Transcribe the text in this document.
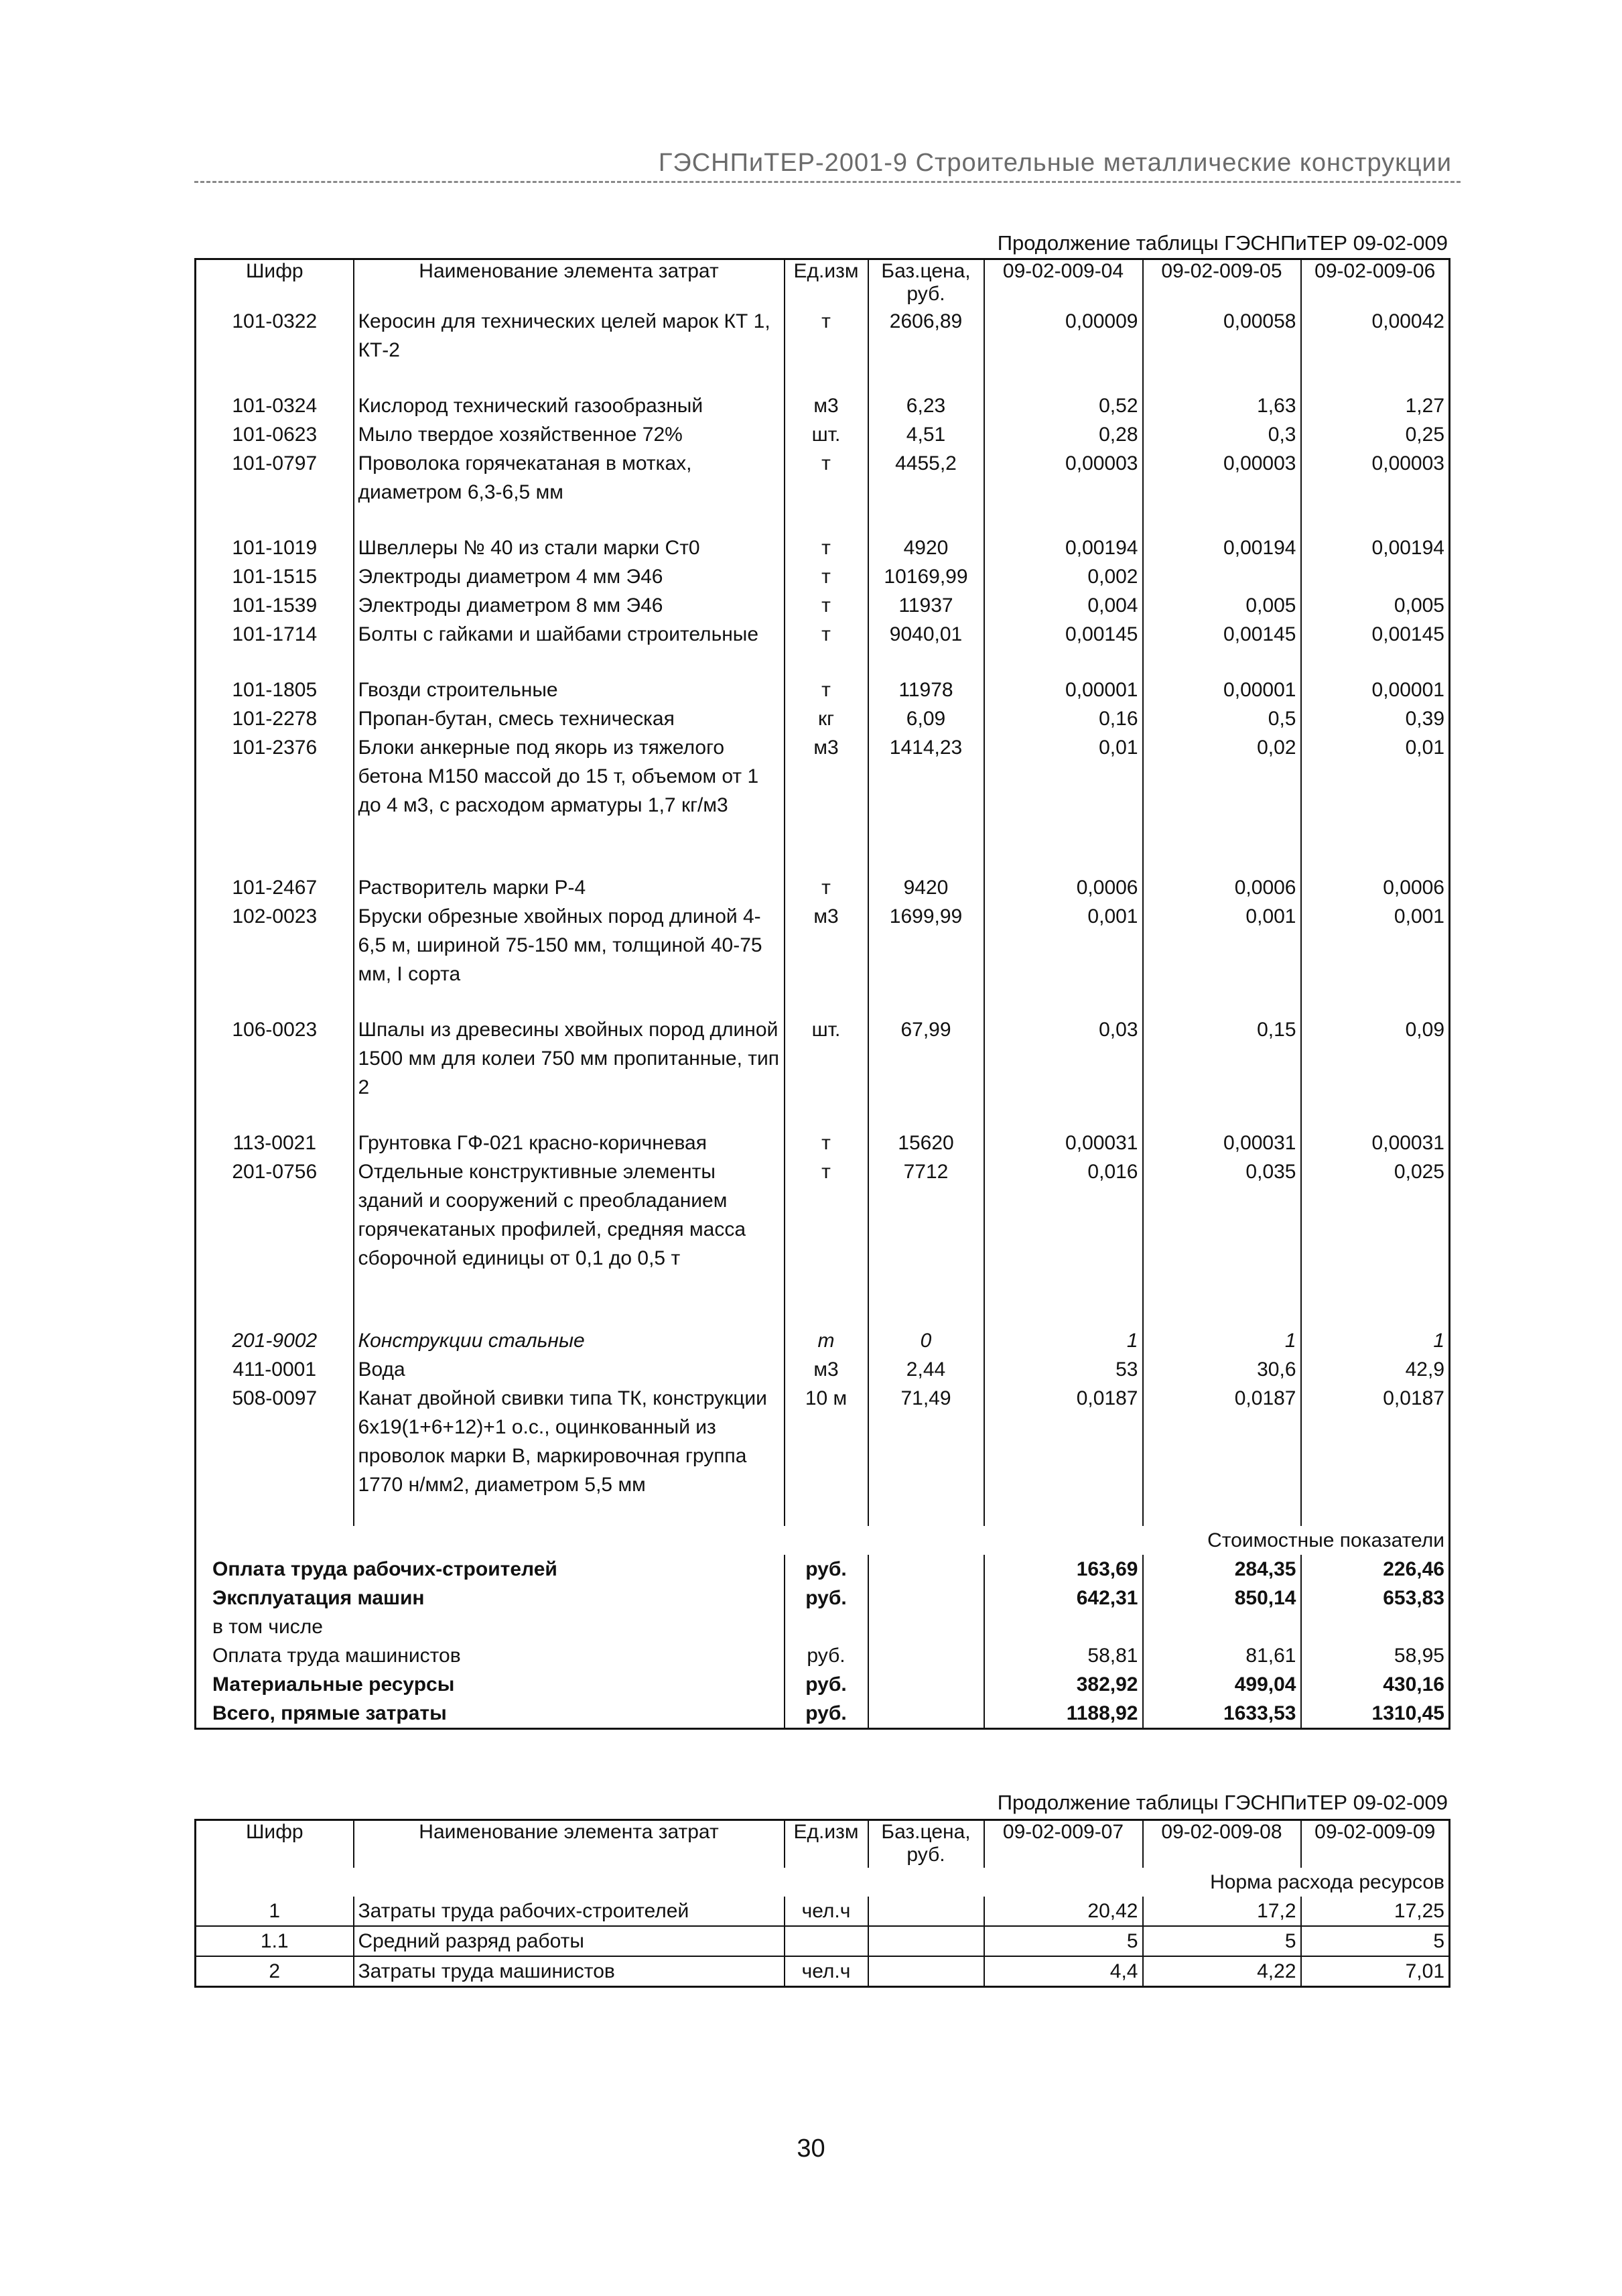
ГЭСНПиТЕР-2001-9 Строительные металлические конструкции
Продолжение таблицы ГЭСНПиТЕР 09-02-009
Шифр	Наименование элемента затрат	Ед.изм	Баз.цена, руб.	09-02-009-04	09-02-009-05	09-02-009-06
101-0322	Керосин для технических целей марок КТ 1, КТ-2	т	2606,89	0,00009	0,00058	0,00042

101-0324	Кислород технический газообразный	м3	6,23	0,52	1,63	1,27
101-0623	Мыло твердое хозяйственное 72%	шт.	4,51	0,28	0,3	0,25
101-0797	Проволока горячекатаная в мотках, диаметром 6,3-6,5 мм	т	4455,2	0,00003	0,00003	0,00003

101-1019	Швеллеры № 40 из стали марки Ст0	т	4920	0,00194	0,00194	0,00194
101-1515	Электроды диаметром 4 мм Э46	т	10169,99	0,002		
101-1539	Электроды диаметром 8 мм Э46	т	11937	0,004	0,005	0,005
101-1714	Болты с гайками и шайбами строительные	т	9040,01	0,00145	0,00145	0,00145

101-1805	Гвозди строительные	т	11978	0,00001	0,00001	0,00001
101-2278	Пропан-бутан, смесь техническая	кг	6,09	0,16	0,5	0,39
101-2376	Блоки анкерные под якорь из тяжелого бетона М150 массой до 15 т, объемом от 1 до 4 м3, с расходом арматуры 1,7 кг/м3	м3	1414,23	0,01	0,02	0,01

101-2467	Растворитель марки Р-4	т	9420	0,0006	0,0006	0,0006
102-0023	Бруски обрезные хвойных пород длиной 4-6,5 м, шириной 75-150 мм, толщиной 40-75 мм, I сорта	м3	1699,99	0,001	0,001	0,001

106-0023	Шпалы из древесины хвойных пород длиной 1500 мм для колеи 750 мм пропитанные, тип 2	шт.	67,99	0,03	0,15	0,09

113-0021	Грунтовка ГФ-021 красно-коричневая	т	15620	0,00031	0,00031	0,00031
201-0756	Отдельные конструктивные элементы зданий и сооружений с преобладанием горячекатаных профилей, средняя масса сборочной единицы от 0,1 до 0,5 т	т	7712	0,016	0,035	0,025

201-9002	Конструкции стальные	т	0	1	1	1
411-0001	Вода	м3	2,44	53	30,6	42,9
508-0097	Канат двойной свивки типа ТК, конструкции 6х19(1+6+12)+1 о.с., оцинкованный из проволок марки В, маркировочная группа 1770 н/мм2, диаметром 5,5 мм	10 м	71,49	0,0187	0,0187	0,0187

Стоимостные показатели						
Оплата труда рабочих-строителей		руб.		163,69	284,35	226,46
Эксплуатация машин		руб.		642,31	850,14	653,83
в том числе						
Оплата труда машинистов		руб.		58,81	81,61	58,95
Материальные ресурсы		руб.		382,92	499,04	430,16
Всего, прямые затраты		руб.		1188,92	1633,53	1310,45
Продолжение таблицы ГЭСНПиТЕР 09-02-009
Шифр	Наименование элемента затрат	Ед.изм	Баз.цена, руб.	09-02-009-07	09-02-009-08	09-02-009-09
Норма расхода ресурсов						
1	Затраты труда рабочих-строителей	чел.ч		20,42	17,2	17,25
1.1	Средний разряд работы			5	5	5
2	Затраты труда машинистов	чел.ч		4,4	4,22	7,01
30
